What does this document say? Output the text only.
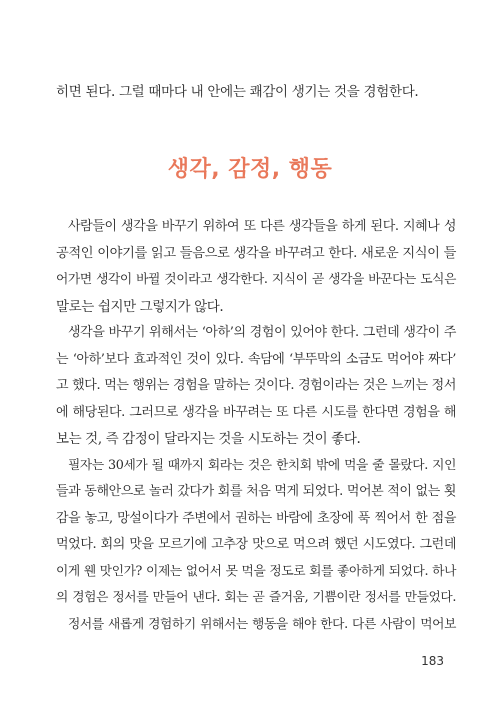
히면 된다. 그럴 때마다 내 안에는 쾌감이 생기는 것을 경험한다.
생각, 감정, 행동
사람들이 생각을 바꾸기 위하여 또 다른 생각들을 하게 된다. 지혜나 성
공적인 이야기를 읽고 들음으로 생각을 바꾸려고 한다. 새로운 지식이 들
어가면 생각이 바뀔 것이라고 생각한다. 지식이 곧 생각을 바꾼다는 도식은
말로는 쉽지만 그렇지가 않다.
생각을 바꾸기 위해서는 ‘아하’의 경험이 있어야 한다. 그런데 생각이 주
는 ‘아하’보다 효과적인 것이 있다. 속담에 ‘부뚜막의 소금도 먹어야 짜다’
고 했다. 먹는 행위는 경험을 말하는 것이다. 경험이라는 것은 느끼는 정서
에 해당된다. 그러므로 생각을 바꾸려는 또 다른 시도를 한다면 경험을 해
보는 것, 즉 감정이 달라지는 것을 시도하는 것이 좋다.
필자는 30세가 될 때까지 회라는 것은 한치회 밖에 먹을 줄 몰랐다. 지인
들과 동해안으로 놀러 갔다가 회를 처음 먹게 되었다. 먹어본 적이 없는 횟
감을 놓고, 망설이다가 주변에서 권하는 바람에 초장에 푹 찍어서 한 점을
먹었다. 회의 맛을 모르기에 고추장 맛으로 먹으려 했던 시도였다. 그런데
이게 웬 맛인가? 이제는 없어서 못 먹을 정도로 회를 좋아하게 되었다. 하나
의 경험은 정서를 만들어 낸다. 회는 곧 즐거움, 기쁨이란 정서를 만들었다.
정서를 새롭게 경험하기 위해서는 행동을 해야 한다. 다른 사람이 먹어보
183
